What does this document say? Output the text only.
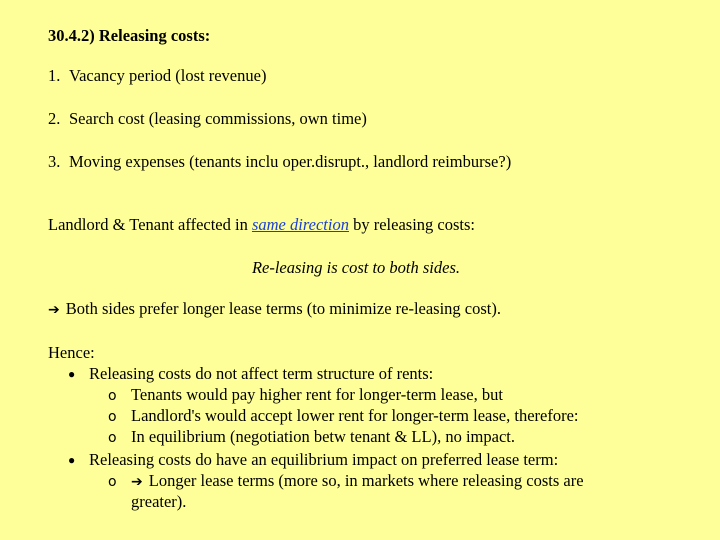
30.4.2) Releasing costs:
1. Vacancy period (lost revenue)
2. Search cost (leasing commissions, own time)
3. Moving expenses (tenants inclu oper.disrupt., landlord reimburse?)
Landlord & Tenant affected in same direction by releasing costs:
Re-leasing is cost to both sides.
➔ Both sides prefer longer lease terms (to minimize re-leasing cost).
Hence:
● Releasing costs do not affect term structure of rents:
o Tenants would pay higher rent for longer-term lease, but
o Landlord's would accept lower rent for longer-term lease, therefore:
o In equilibrium (negotiation betw tenant & LL), no impact.
● Releasing costs do have an equilibrium impact on preferred lease term:
o ➔ Longer lease terms (more so, in markets where releasing costs are
greater).
